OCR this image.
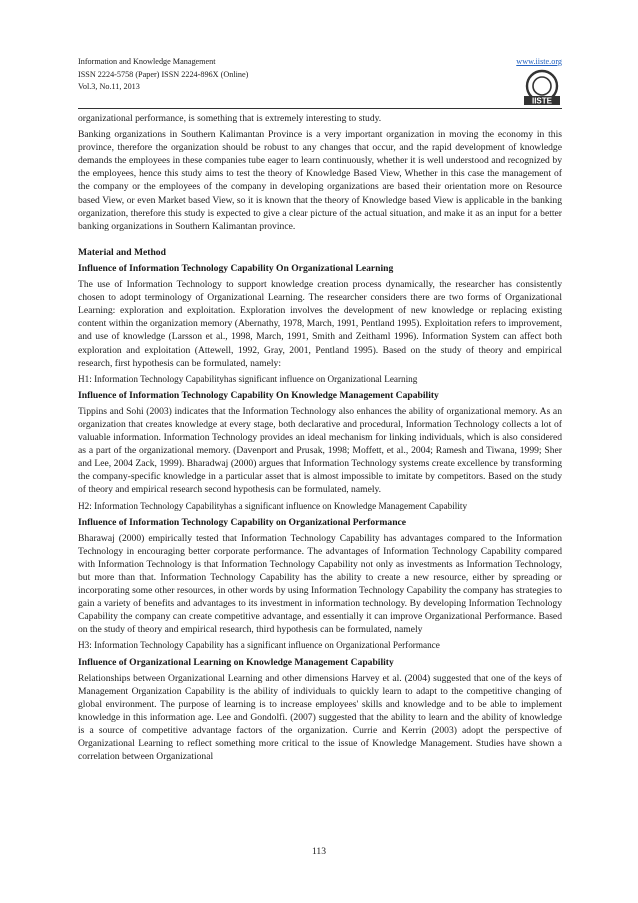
Information and Knowledge Management
ISSN 2224-5758 (Paper) ISSN 2224-896X (Online)
Vol.3, No.11, 2013
www.iiste.org
IISTE

organizational performance, is something that is extremely interesting to study.

Banking organizations in Southern Kalimantan Province is a very important organization in moving the economy in this province, therefore the organization should be robust to any changes that occur, and the rapid development of knowledge demands the employees in these companies tube eager to learn continuously, whether it is well understood and recognized by the employees, hence this study aims to test the theory of Knowledge Based View, Whether in this case the management of the company or the employees of the company in developing organizations are based their orientation more on Resource based View, or even Market based View, so it is known that the theory of Knowledge based View is applicable in the banking organization, therefore this study is expected to give a clear picture of the actual situation, and make it as an input for a better banking organizations in Southern Kalimantan province.

Material and Method
Influence of Information Technology Capability On Organizational Learning

The use of Information Technology to support knowledge creation process dynamically, the researcher has consistently chosen to adopt terminology of Organizational Learning. The researcher considers there are two forms of Organizational Learning: exploration and exploitation. Exploration involves the development of new knowledge or replacing existing content within the organization memory (Abernathy, 1978, March, 1991, Pentland 1995). Exploitation refers to improvement, and use of knowledge (Larsson et al., 1998, March, 1991, Smith and Zeithaml 1996). Information System can affect both exploration and exploitation (Attewell, 1992, Gray, 2001, Pentland 1995). Based on the study of theory and empirical research, first hypothesis can be formulated, namely:

H1: Information Technology Capabilityhas significant influence on Organizational Learning
Influence of Information Technology Capability On Knowledge Management Capability

Tippins and Sohi (2003) indicates that the Information Technology also enhances the ability of organizational memory. As an organization that creates knowledge at every stage, both declarative and procedural, Information Technology collects a lot of valuable information. Information Technology provides an ideal mechanism for linking individuals, which is also considered as a part of the organizational memory. (Davenport and Prusak, 1998; Moffett, et al., 2004; Ramesh and Tiwana, 1999; Sher and Lee, 2004 Zack, 1999). Bharadwaj (2000) argues that Information Technology systems create excellence by transforming the company-specific knowledge in a particular asset that is almost impossible to imitate by competitors. Based on the study of theory and empirical research second hypothesis can be formulated, namely.

H2: Information Technology Capabilityhas a significant influence on Knowledge Management Capability
Influence of Information Technology Capability on Organizational Performance

Bharawaj (2000) empirically tested that Information Technology Capability has advantages compared to the Information Technology in encouraging better corporate performance. The advantages of Information Technology Capability compared with Information Technology is that Information Technology Capability not only as investments as Information Technology, but more than that. Information Technology Capability has the ability to create a new resource, either by spreading or incorporating some other resources, in other words by using Information Technology Capability the company has strategies to gain a variety of benefits and advantages to its investment in information technology. By developing Information Technology Capability the company can create competitive advantage, and essentially it can improve Organizational Performance. Based on the study of theory and empirical research, third hypothesis can be formulated, namely

H3: Information Technology Capability has a significant influence on Organizational Performance
Influence of Organizational Learning on Knowledge Management Capability

Relationships between Organizational Learning and other dimensions Harvey et al. (2004) suggested that one of the keys of Management Organization Capability is the ability of individuals to quickly learn to adapt to the competitive changing of global environment. The purpose of learning is to increase employees' skills and knowledge and to be able to implement knowledge in this information age. Lee and Gondolfi. (2007) suggested that the ability to learn and the ability of knowledge is a source of competitive advantage factors of the organization. Currie and Kerrin (2003) adopt the perspective of Organizational Learning to reflect something more critical to the issue of Knowledge Management. Studies have shown a correlation between Organizational

113
